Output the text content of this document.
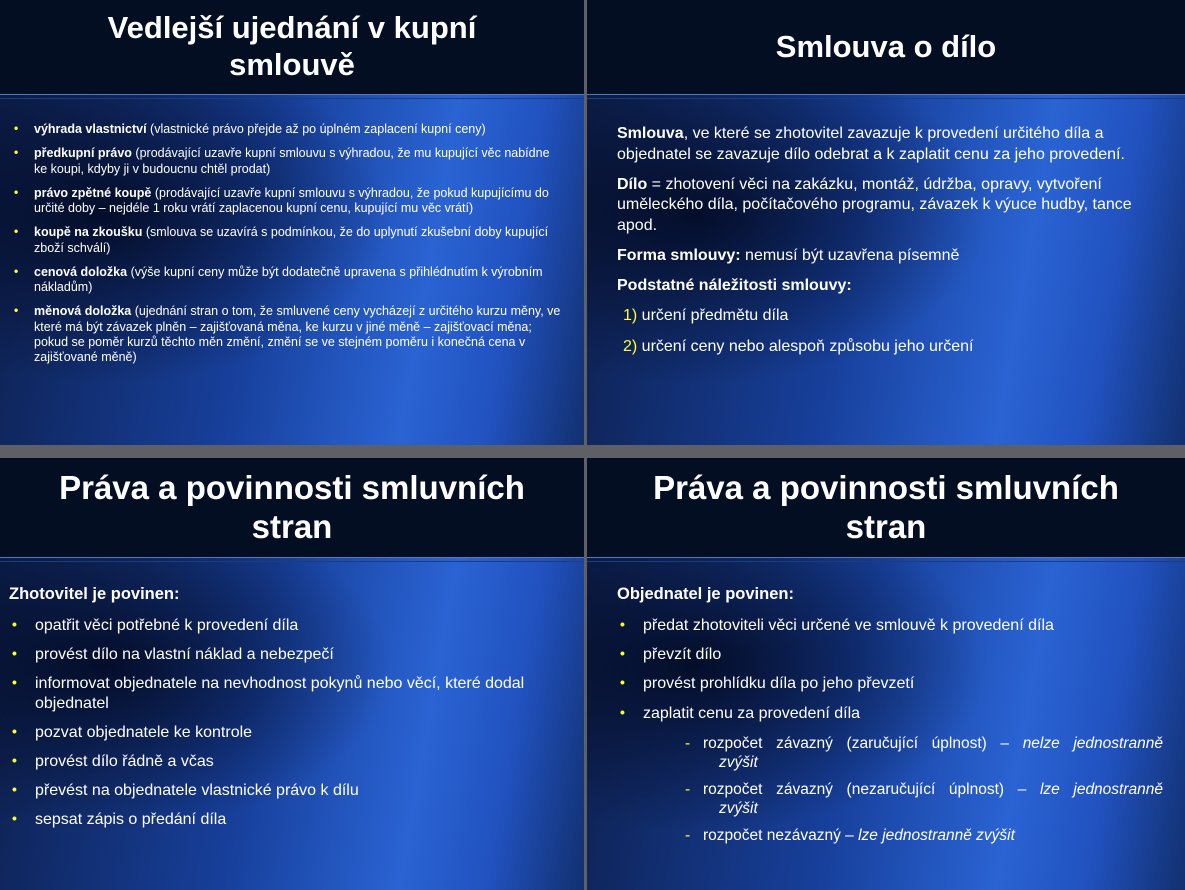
Vedlejší ujednání v kupní
smlouvě
• výhrada vlastnictví (vlastnické právo přejde až po úplném zaplacení kupní ceny)
• předkupní právo (prodávající uzavře kupní smlouvu s výhradou, že mu kupující věc nabídne ke koupi, kdyby ji v budoucnu chtěl prodat)
• právo zpětné koupě (prodávající uzavře kupní smlouvu s výhradou, že pokud kupujícímu do určité doby – nejdéle 1 roku vrátí zaplacenou kupní cenu, kupující mu věc vrátí)
• koupě na zkoušku (smlouva se uzavírá s podmínkou, že do uplynutí zkušební doby kupující zboží schválí)
• cenová doložka (výše kupní ceny může být dodatečně upravena s přihlédnutím k výrobním nákladům)
• měnová doložka (ujednání stran o tom, že smluvené ceny vycházejí z určitého kurzu měny, ve které má být závazek plněn – zajišťovaná měna, ke kurzu v jiné měně – zajišťovací měna; pokud se poměr kurzů těchto měn změní, změní se ve stejném poměru i konečná cena v zajišťované měně)
Smlouva o dílo

Smlouva, ve které se zhotovitel zavazuje k provedení určitého díla a objednatel se zavazuje dílo odebrat a k zaplatit cenu za jeho provedení.

Dílo = zhotovení věci na zakázku, montáž, údržba, opravy, vytvoření uměleckého díla, počítačového programu, závazek k výuce hudby, tance apod.

Forma smlouvy: nemusí být uzavřena písemně

Podstatné náležitosti smlouvy:

1) určení předmětu díla

2) určení ceny nebo alespoň způsobu jeho určení

Práva a povinnosti smluvních
stran
Zhotovitel je povinen:
• opatřit věci potřebné k provedení díla
• provést dílo na vlastní náklad a nebezpečí
• informovat objednatele na nevhodnost pokynů nebo věcí, které dodal objednatel
• pozvat objednatele ke kontrole
• provést dílo řádně a včas
• převést na objednatele vlastnické právo k dílu
• sepsat zápis o předání díla
Práva a povinnosti smluvních
stran
Objednatel je povinen:
• předat zhotoviteli věci určené ve smlouvě k provedení díla
• převzít dílo
• provést prohlídku díla po jeho převzetí
• zaplatit cenu za provedení díla
- rozpočet závazný (zaručující úplnost) – nelze jednostranně
zvýšit
- rozpočet závazný (nezaručující úplnost) – lze jednostranně
zvýšit
- rozpočet nezávazný – lze jednostranně zvýšit
